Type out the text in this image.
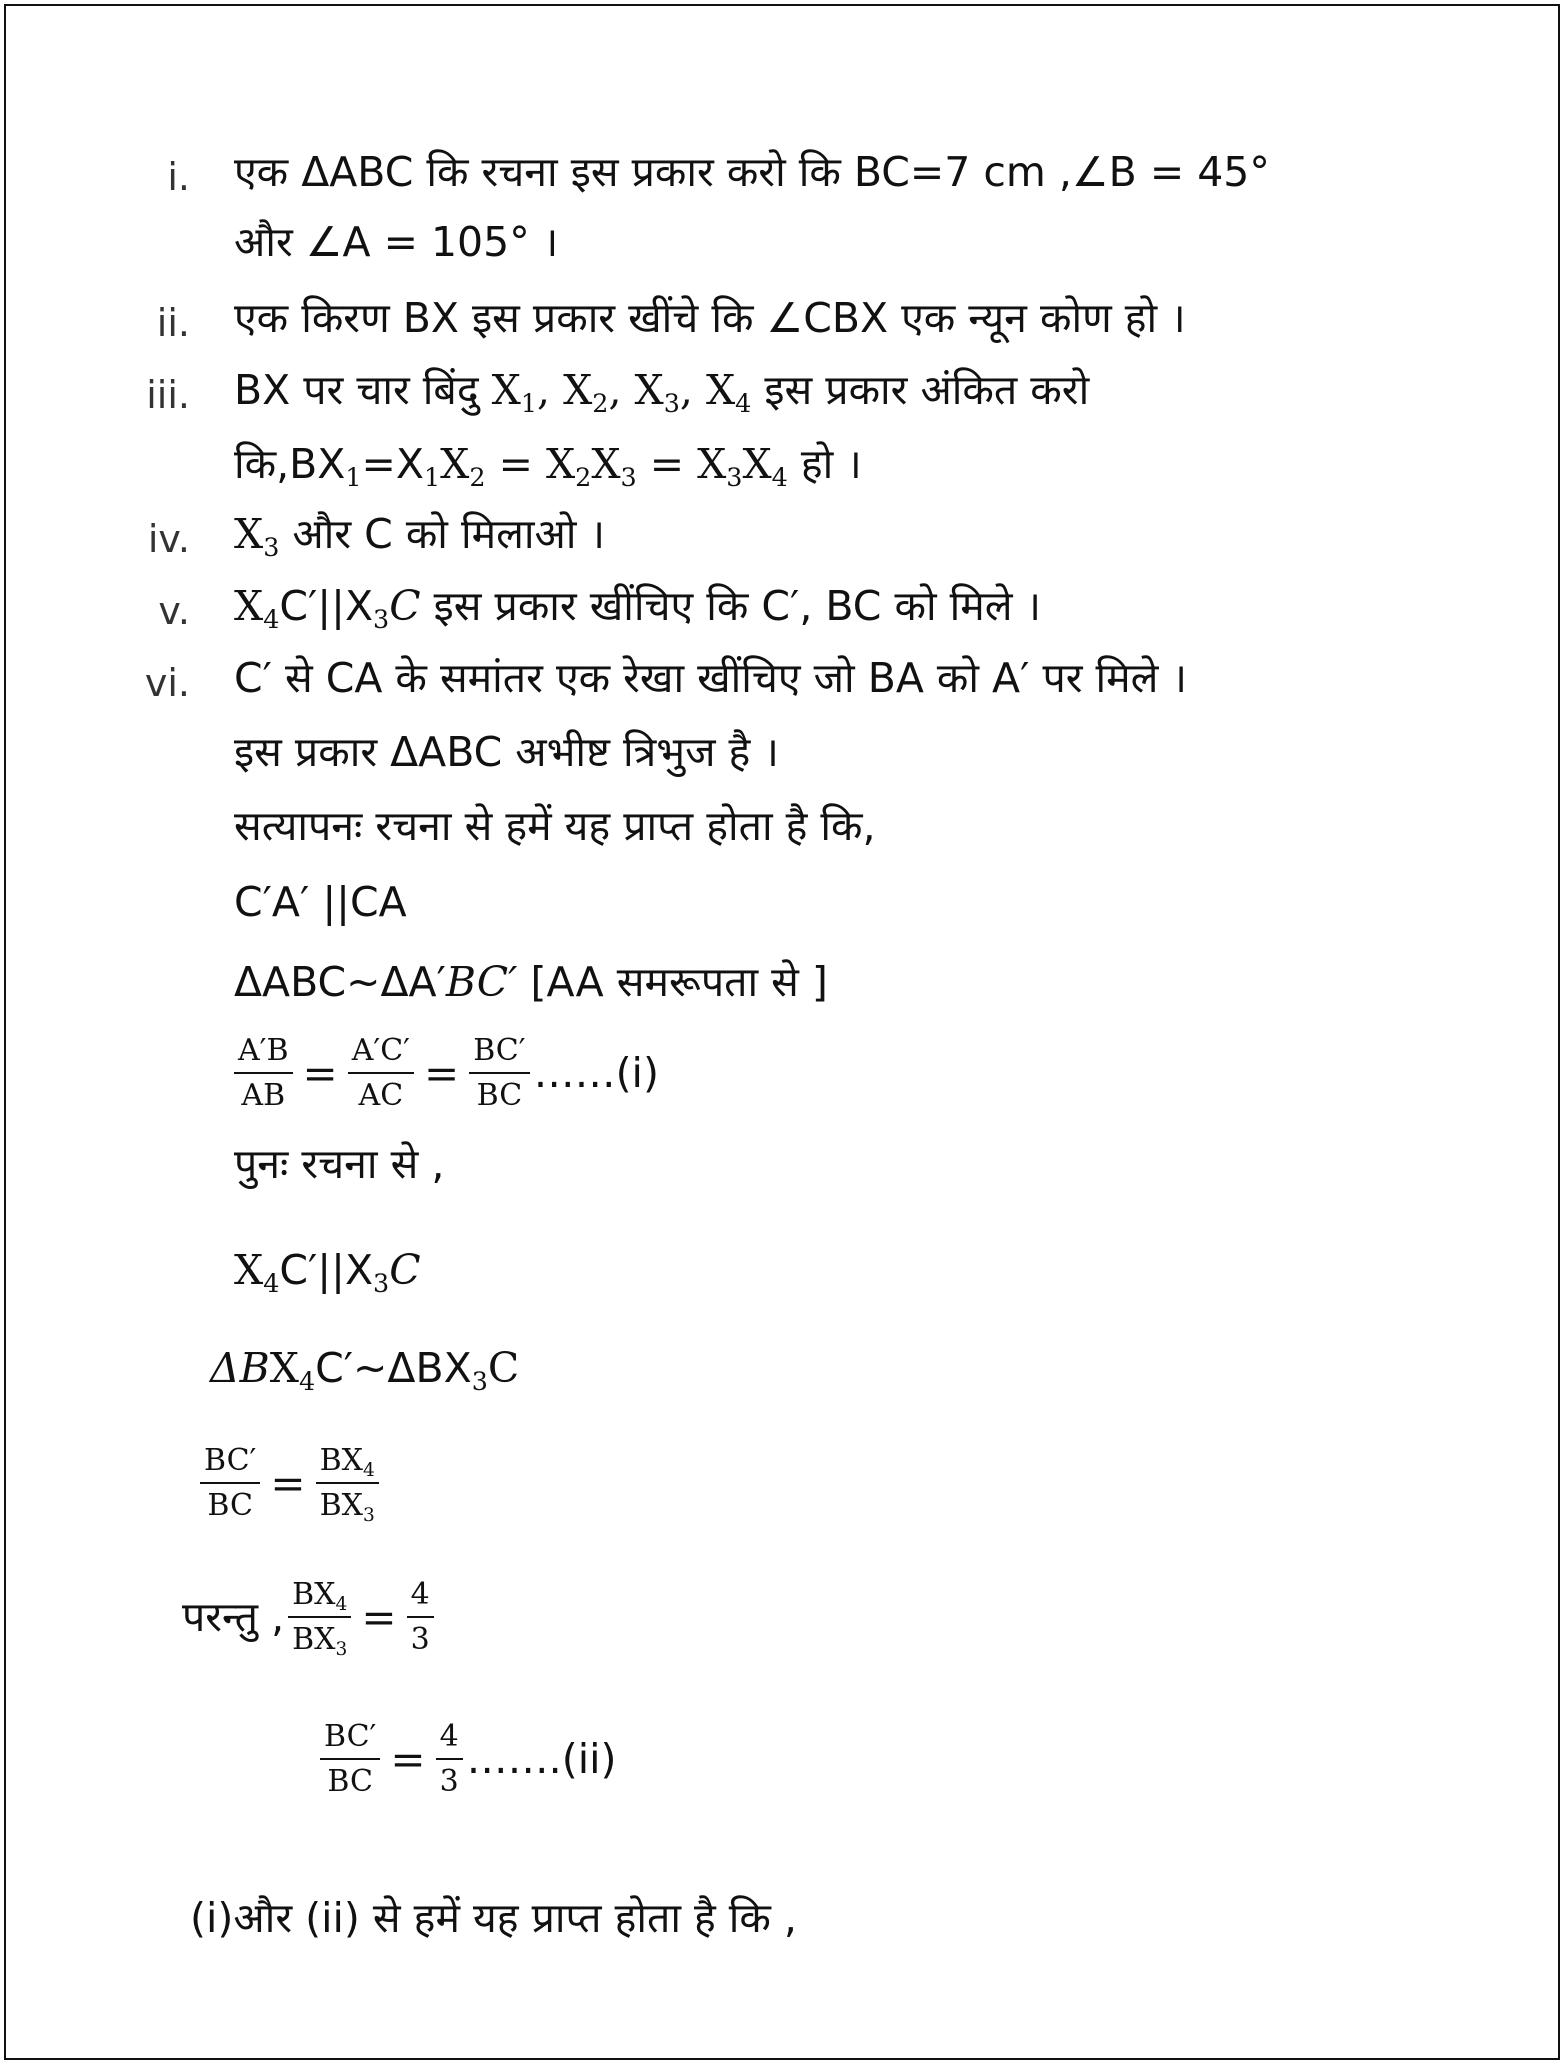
i. एक ΔABC कि रचना इस प्रकार करो कि BC=7 cm ,∠B = 45°
और ∠A = 105° ।
ii. एक किरण BX इस प्रकार खींचे कि ∠CBX एक न्यून कोण हो ।
iii. BX पर चार बिंदु $X_1$, $X_2$, $X_3$, $X_4$ इस प्रकार अंकित करो
$कि,BX_1=X_1X_2 = X_2X_3 = X_3X_4$ हो ।
iv. $X_3$ और C को मिलाओ ।
v. $X_4C'||X_3C$ इस प्रकार खींचिए कि C′, BC को मिले ।
vi. C′ से CA के समांतर एक रेखा खींचिए जो BA को A′ पर मिले ।
इस प्रकार ΔABC अभीष्ट त्रिभुज है ।
सत्यापनः रचना से हमें यह प्राप्त होता है कि,
C′A′ ||CA
ΔABC~ΔA′BC′ [AA समरूपता से ]
$\frac{A'B}{AB} = \frac{A'C'}{AC} = \frac{BC'}{BC}$ ……(i)
पुनः रचना से ,
$X_4C'||X_3C$
$\Delta BX_4C'\sim\Delta BX_3C$
$\frac{BC'}{BC} = \frac{BX_4}{BX_3}$
परन्तु , $\frac{BX_4}{BX_3} = \frac{4}{3}$
$\frac{BC'}{BC} = \frac{4}{3}$ …….(ii)
(i)और (ii) से हमें यह प्राप्त होता है कि ,
